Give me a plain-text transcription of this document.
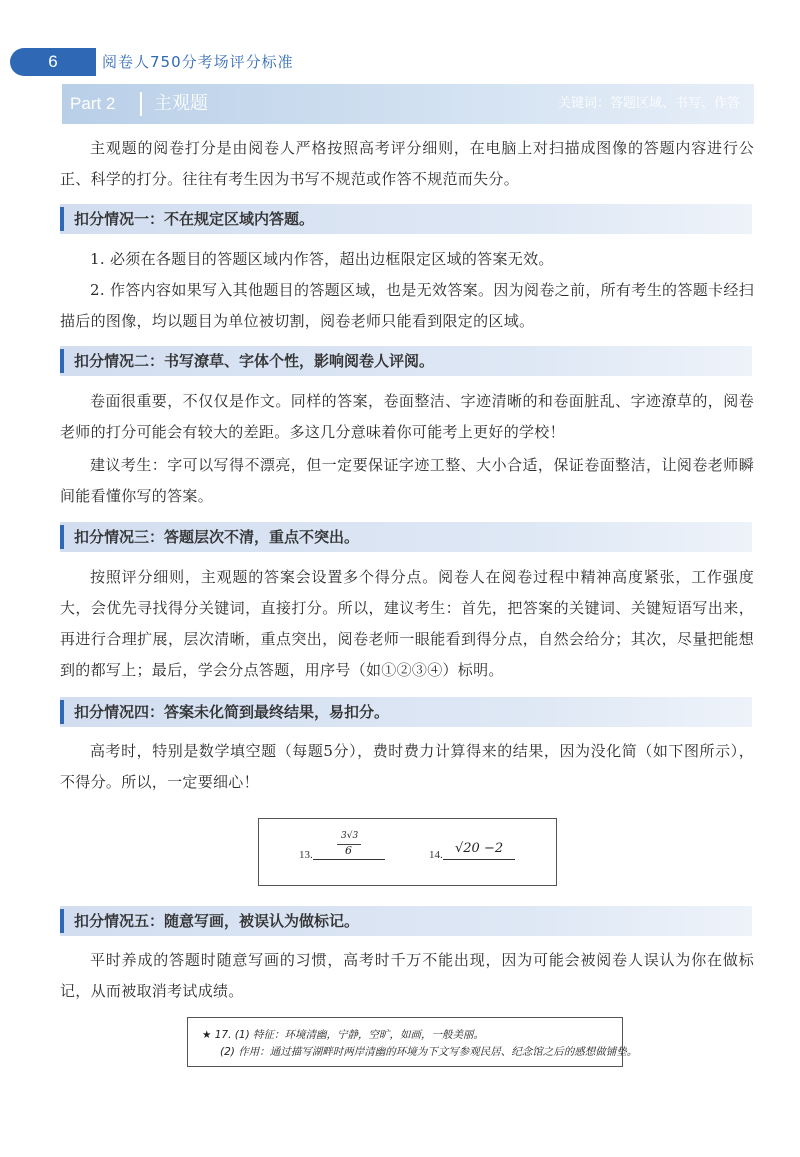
6	阅卷人750分考场评分标准
Part 2 主观题	关键词：答题区域、书写、作答
主观题的阅卷打分是由阅卷人严格按照高考评分细则，在电脑上对扫描成图像的答题内容进行公正、科学的打分。往往有考生因为书写不规范或作答不规范而失分。
扣分情况一：不在规定区域内答题。
1. 必须在各题目的答题区域内作答，超出边框限定区域的答案无效。
2. 作答内容如果写入其他题目的答题区域，也是无效答案。因为阅卷之前，所有考生的答题卡经扫描后的图像，均以题目为单位被切割，阅卷老师只能看到限定的区域。
扣分情况二：书写潦草、字体个性，影响阅卷人评阅。
卷面很重要，不仅仅是作文。同样的答案，卷面整洁、字迹清晰的和卷面脏乱、字迹潦草的，阅卷老师的打分可能会有较大的差距。多这几分意味着你可能考上更好的学校！
建议考生：字可以写得不漂亮，但一定要保证字迹工整、大小合适，保证卷面整洁，让阅卷老师瞬间能看懂你写的答案。
扣分情况三：答题层次不清，重点不突出。
按照评分细则，主观题的答案会设置多个得分点。阅卷人在阅卷过程中精神高度紧张，工作强度大，会优先寻找得分关键词，直接打分。所以，建议考生：首先，把答案的关键词、关键短语写出来，再进行合理扩展，层次清晰，重点突出，阅卷老师一眼能看到得分点，自然会给分；其次，尽量把能想到的都写上；最后，学会分点答题，用序号（如①②③④）标明。
扣分情况四：答案未化简到最终结果，易扣分。
高考时，特别是数学填空题（每题5分），费时费力计算得来的结果，因为没化简（如下图所示），不得分。所以，一定要细心！
13.
3√3
6	14. √20 −2
扣分情况五：随意写画，被误认为做标记。
平时养成的答题时随意写画的习惯，高考时千万不能出现，因为可能会被阅卷人误认为你在做标记，从而被取消考试成绩。
★ 17. (1) 特征：环境清幽，宁静，空旷，如画，一般美丽。
(2) 作用：通过描写湖畔时两岸清幽的环境为下文写参观民居、纪念馆之后的感想做铺垫。
